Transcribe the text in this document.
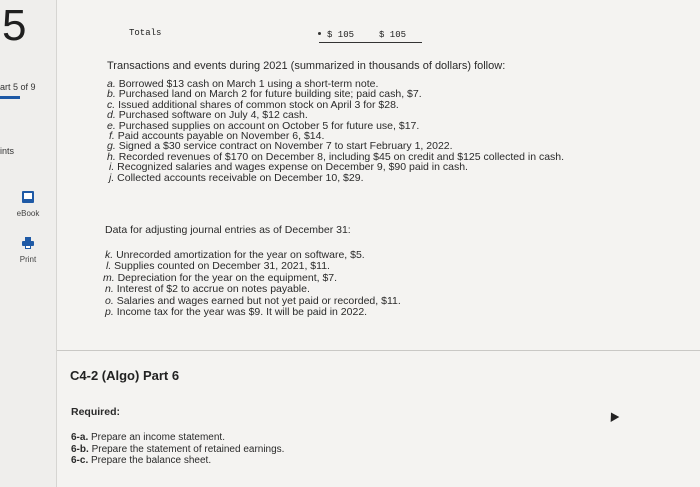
5
art 5 of 9
ints
eBook
Print
Totals	$ 105	$ 105
Transactions and events during 2021 (summarized in thousands of dollars) follow:
a. Borrowed $13 cash on March 1 using a short-term note.
b. Purchased land on March 2 for future building site; paid cash, $7.
c. Issued additional shares of common stock on April 3 for $28.
d. Purchased software on July 4, $12 cash.
e. Purchased supplies on account on October 5 for future use, $17.
f. Paid accounts payable on November 6, $14.
g. Signed a $30 service contract on November 7 to start February 1, 2022.
h. Recorded revenues of $170 on December 8, including $45 on credit and $125 collected in cash.
i. Recognized salaries and wages expense on December 9, $90 paid in cash.
j. Collected accounts receivable on December 10, $29.
Data for adjusting journal entries as of December 31:
k. Unrecorded amortization for the year on software, $5.
l. Supplies counted on December 31, 2021, $11.
m. Depreciation for the year on the equipment, $7.
n. Interest of $2 to accrue on notes payable.
o. Salaries and wages earned but not yet paid or recorded, $11.
p. Income tax for the year was $9. It will be paid in 2022.
C4-2 (Algo) Part 6
Required:
6-a. Prepare an income statement.
6-b. Prepare the statement of retained earnings.
6-c. Prepare the balance sheet.
